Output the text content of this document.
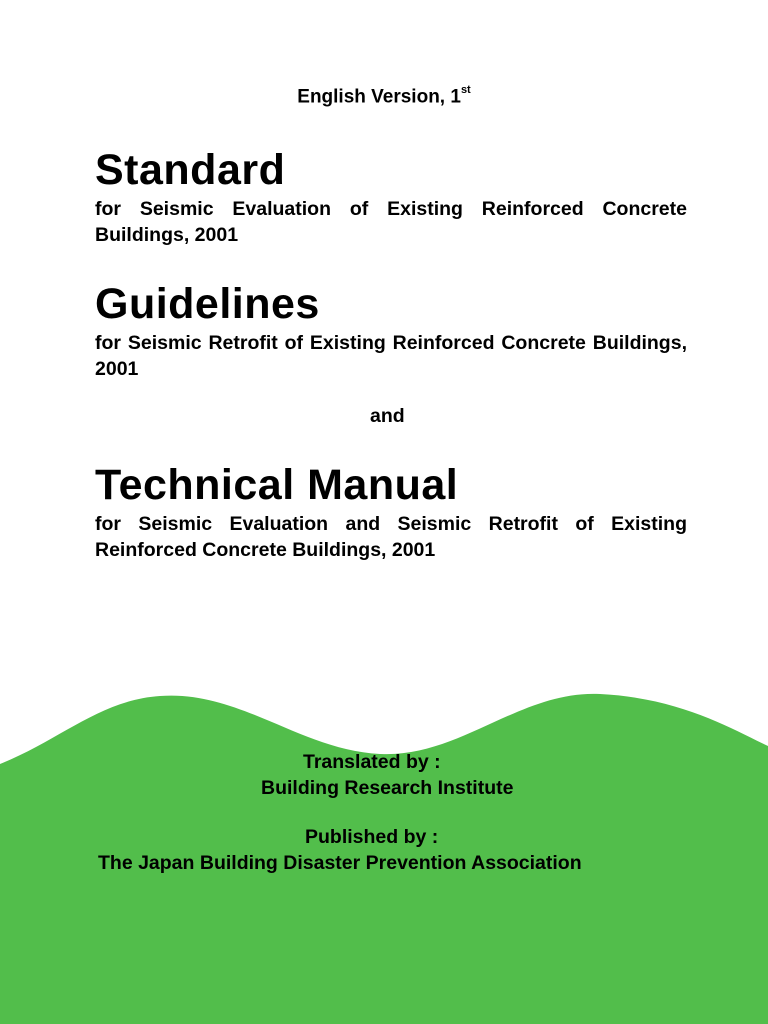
English Version, 1st
Standard

for Seismic Evaluation of Existing Reinforced Concrete Buildings, 2001

Guidelines

for Seismic Retrofit of Existing Reinforced Concrete Buildings, 2001

and
Technical Manual

for Seismic Evaluation and Seismic Retrofit of Existing Reinforced Concrete Buildings, 2001

Translated by :
Building Research Institute
Published by :
The Japan Building Disaster Prevention Association
